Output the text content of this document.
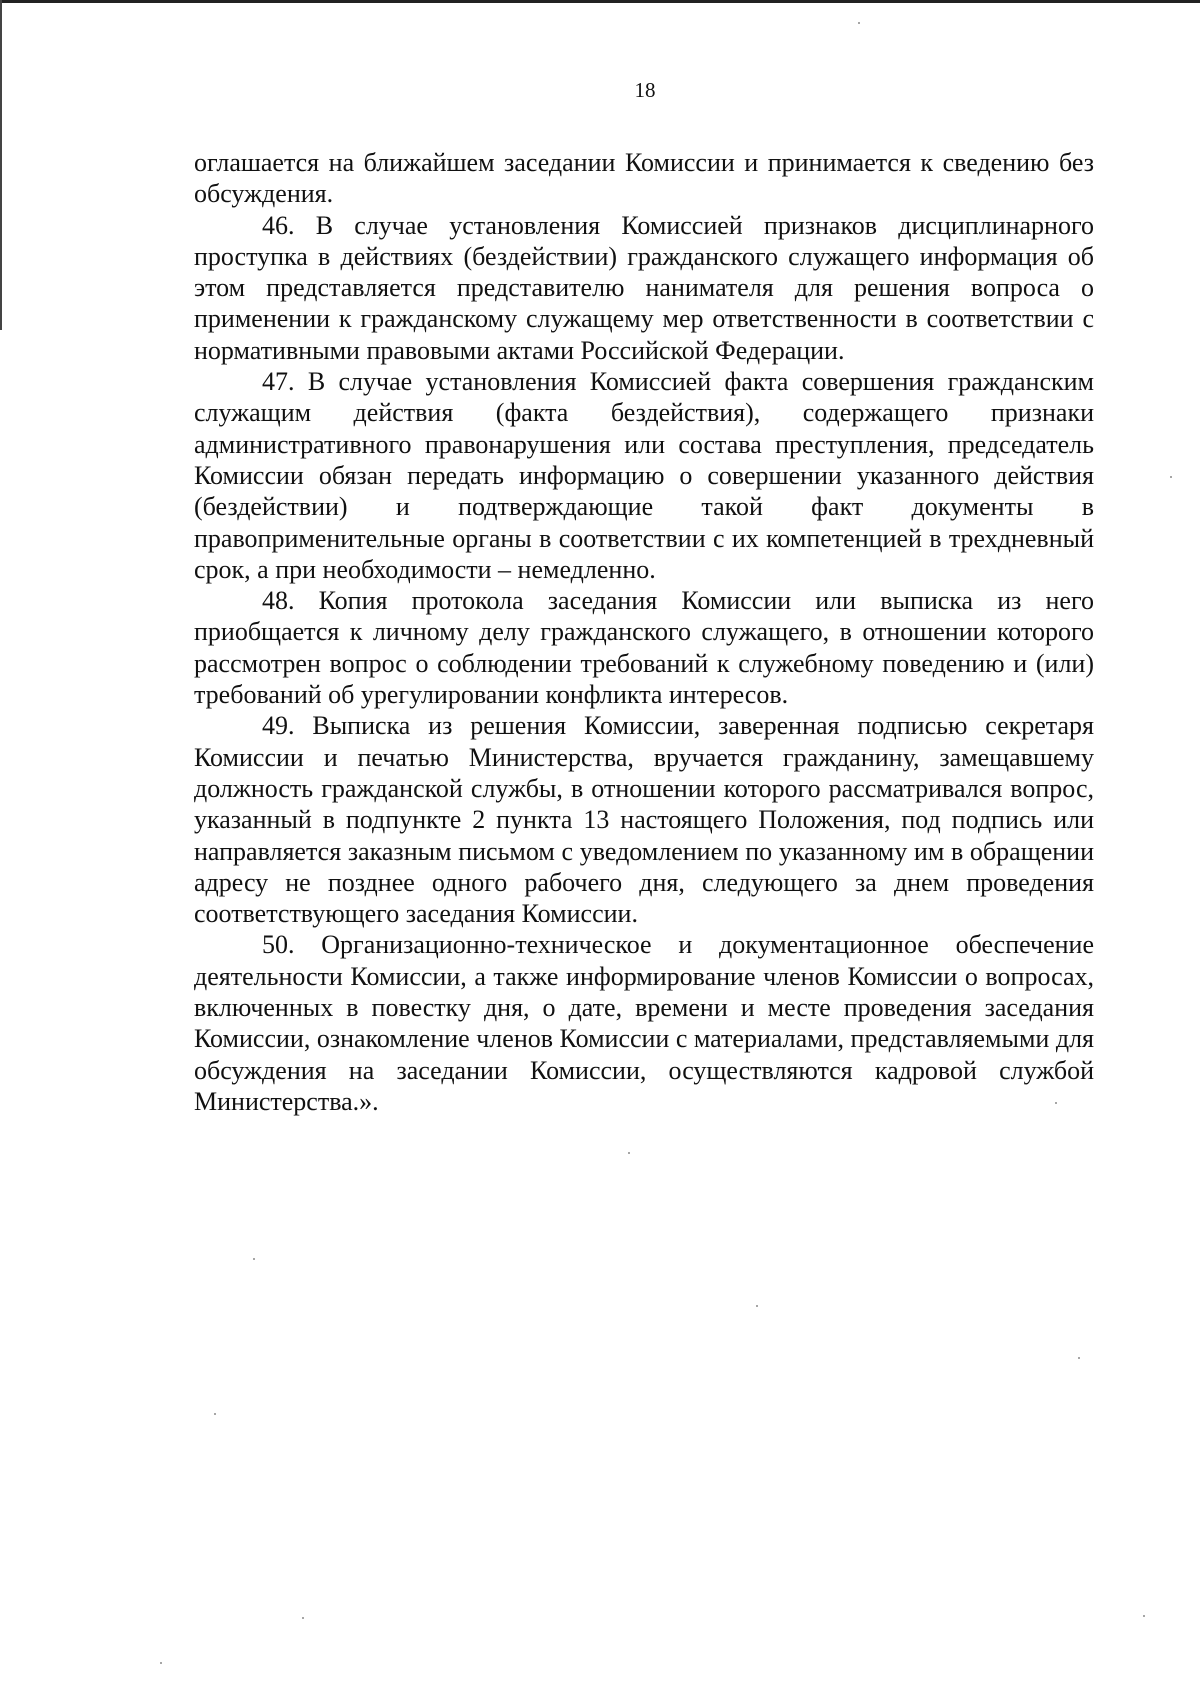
18

оглашается на ближайшем заседании Комиссии и принимается к сведению без обсуждения.

46. В случае установления Комиссией признаков дисциплинарного проступка в действиях (бездействии) гражданского служащего информация об этом представляется представителю нанимателя для решения вопроса о применении к гражданскому служащему мер ответственности в соответствии с нормативными правовыми актами Российской Федерации.

47. В случае установления Комиссией факта совершения гражданским служащим действия (факта бездействия), содержащего признаки административного правонарушения или состава преступления, председатель Комиссии обязан передать информацию о совершении указанного действия (бездействии) и подтверждающие такой факт документы в правоприменительные органы в соответствии с их компетенцией в трехдневный срок, а при необходимости – немедленно.

48. Копия протокола заседания Комиссии или выписка из него приобщается к личному делу гражданского служащего, в отношении которого рассмотрен вопрос о соблюдении требований к служебному поведению и (или) требований об урегулировании конфликта интересов.

49. Выписка из решения Комиссии, заверенная подписью секретаря Комиссии и печатью Министерства, вручается гражданину, замещавшему должность гражданской службы, в отношении которого рассматривался вопрос, указанный в подпункте 2 пункта 13 настоящего Положения, под подпись или направляется заказным письмом с уведомлением по указанному им в обращении адресу не позднее одного рабочего дня, следующего за днем проведения соответствующего заседания Комиссии.

50. Организационно-техническое и документационное обеспечение деятельности Комиссии, а также информирование членов Комиссии о вопросах, включенных в повестку дня, о дате, времени и месте проведения заседания Комиссии, ознакомление членов Комиссии с материалами, представляемыми для обсуждения на заседании Комиссии, осуществляются кадровой службой Министерства.».
